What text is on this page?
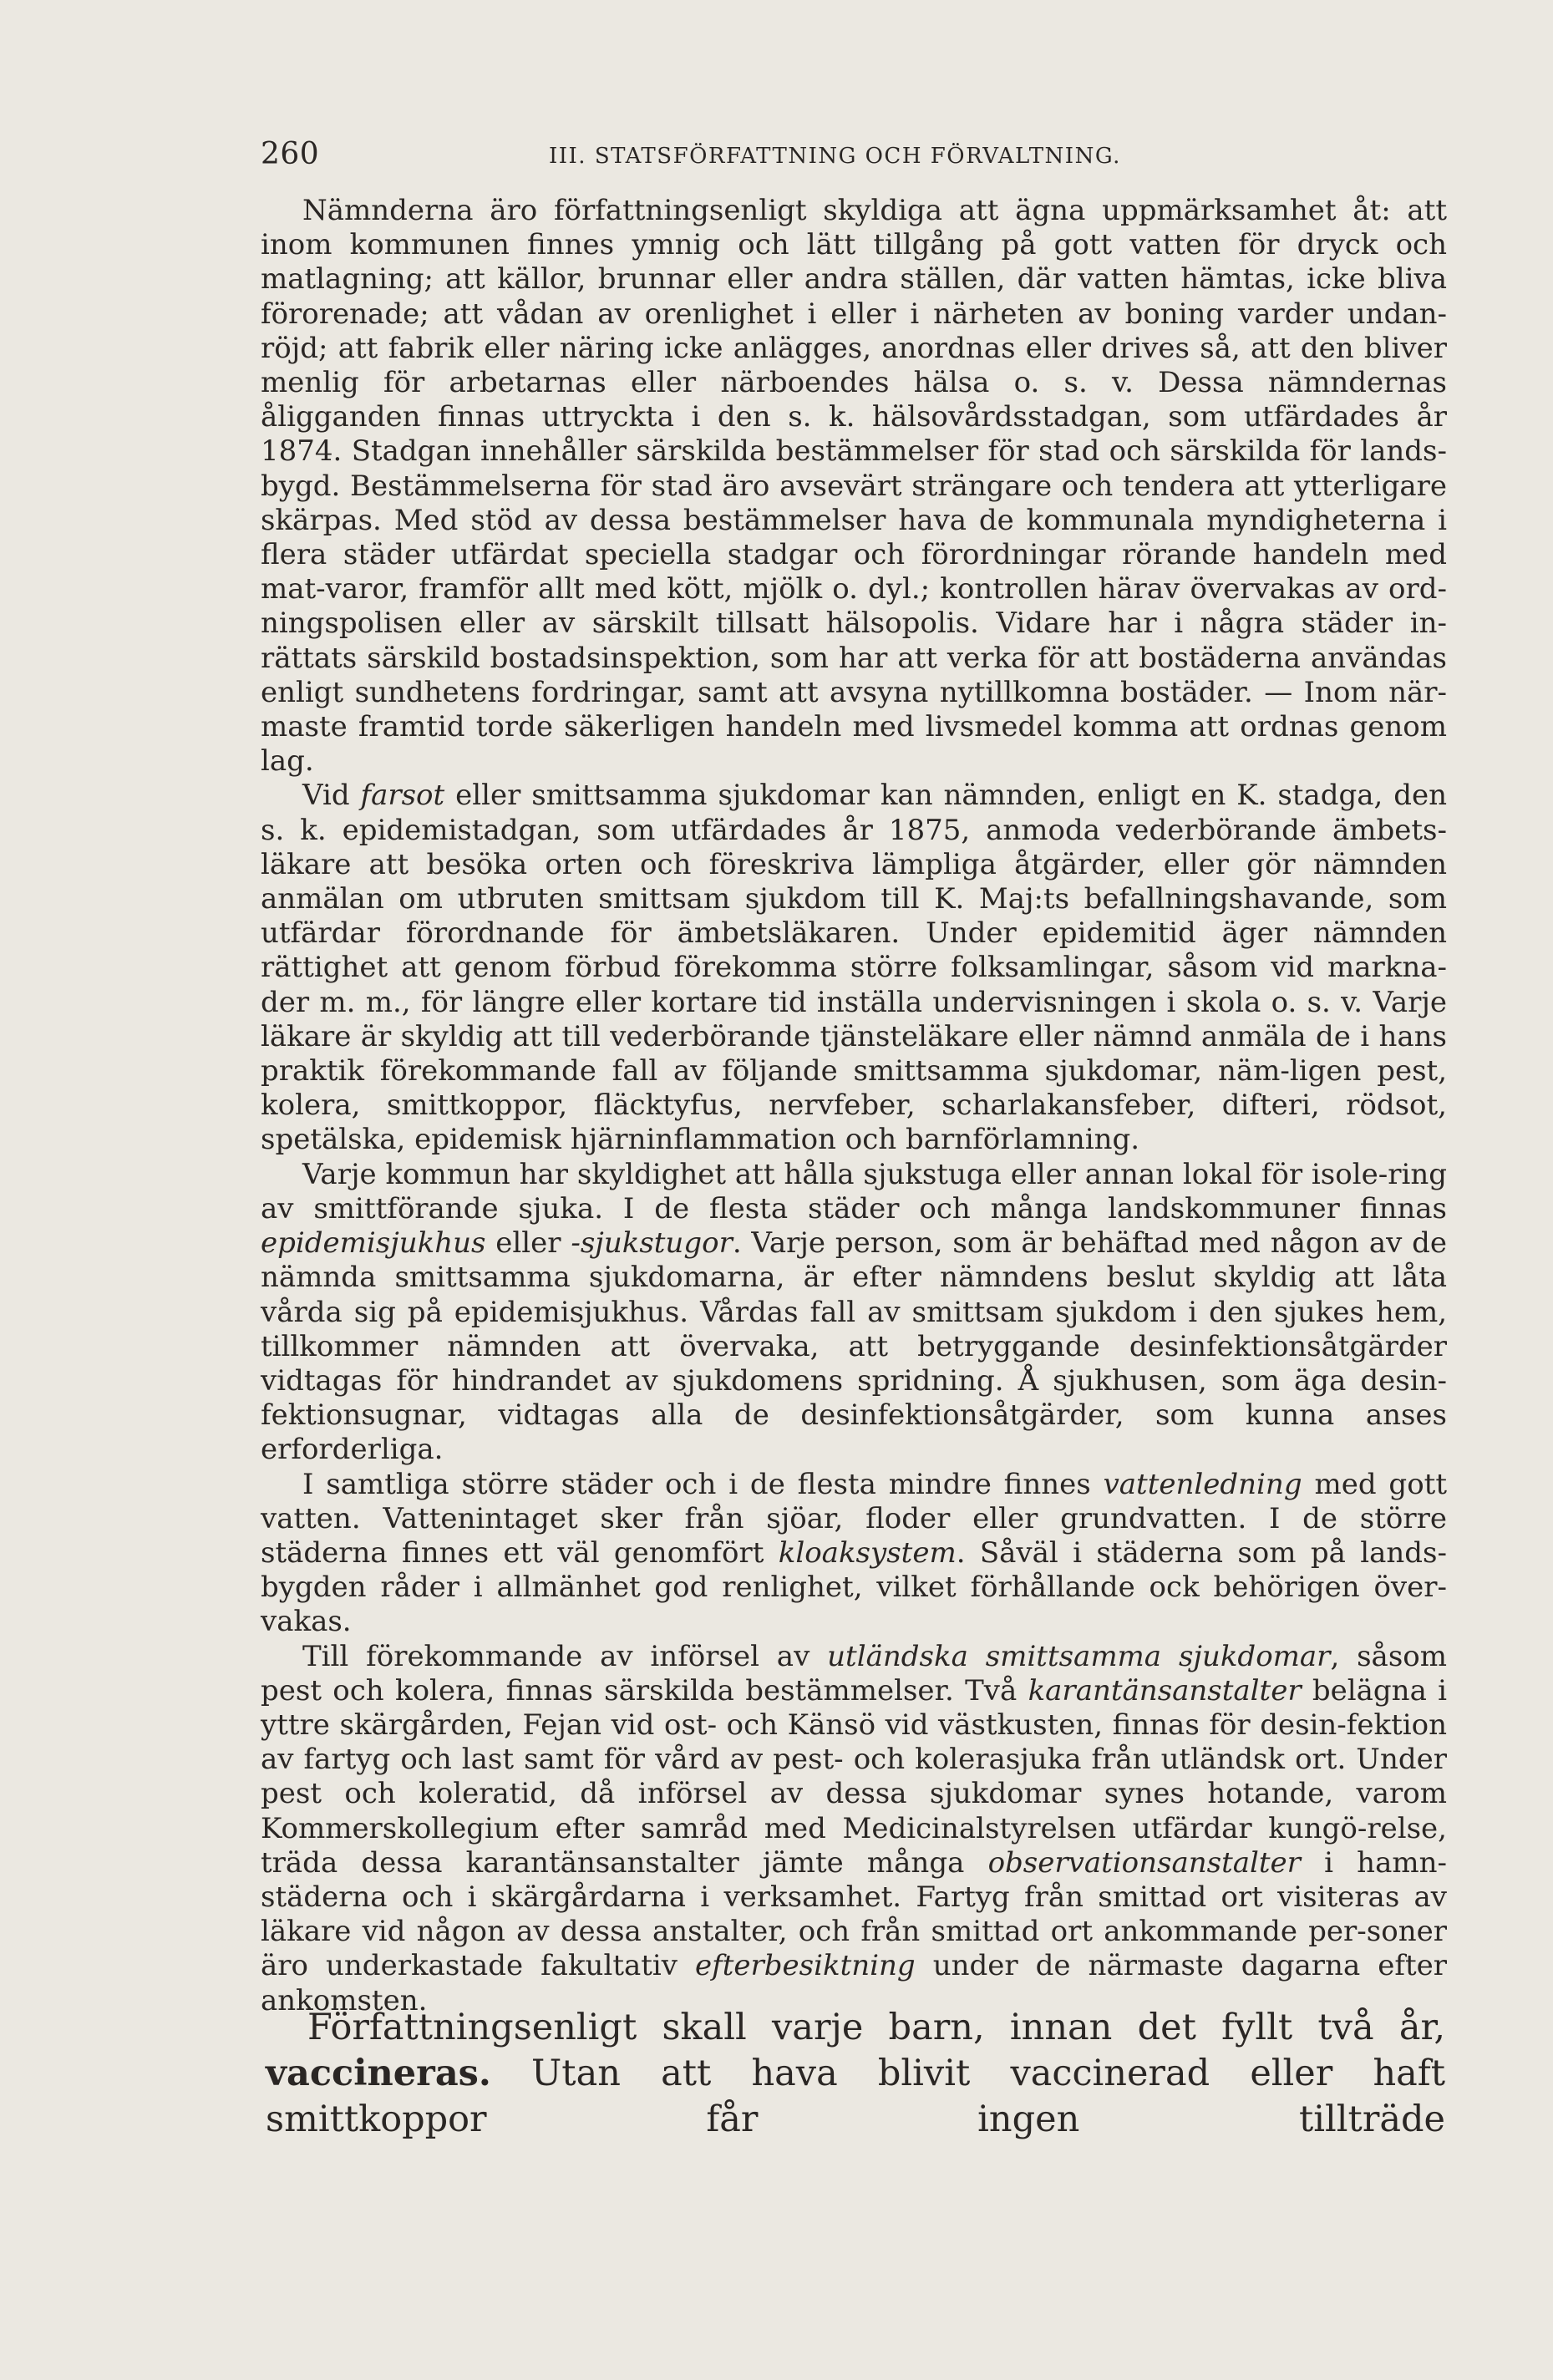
260	III. STATSFÖRFATTNING OCH FÖRVALTNING.

Nämnderna äro författningsenligt skyldiga att ägna uppmärksamhet åt: att inom kommunen finnes ymnig och lätt tillgång på gott vatten för dryck och matlagning; att källor, brunnar eller andra ställen, där vatten hämtas, icke bliva förorenade; att vådan av orenlighet i eller i närheten av boning varder undan-röjd; att fabrik eller näring icke anlägges, anordnas eller drives så, att den bliver menlig för arbetarnas eller närboendes hälsa o. s. v. Dessa nämndernas åligganden finnas uttryckta i den s. k. hälsovårdsstadgan, som utfärdades år 1874. Stadgan innehåller särskilda bestämmelser för stad och särskilda för lands-bygd. Bestämmelserna för stad äro avsevärt strängare och tendera att ytterligare skärpas. Med stöd av dessa bestämmelser hava de kommunala myndigheterna i flera städer utfärdat speciella stadgar och förordningar rörande handeln med mat-varor, framför allt med kött, mjölk o. dyl.; kontrollen härav övervakas av ord-ningspolisen eller av särskilt tillsatt hälsopolis. Vidare har i några städer in-rättats särskild bostadsinspektion, som har att verka för att bostäderna användas enligt sundhetens fordringar, samt att avsyna nytillkomna bostäder. — Inom när-maste framtid torde säkerligen handeln med livsmedel komma att ordnas genom lag.

Vid farsot eller smittsamma sjukdomar kan nämnden, enligt en K. stadga, den s. k. epidemistadgan, som utfärdades år 1875, anmoda vederbörande ämbets-läkare att besöka orten och föreskriva lämpliga åtgärder, eller gör nämnden anmälan om utbruten smittsam sjukdom till K. Maj:ts befallningshavande, som utfärdar förordnande för ämbetsläkaren. Under epidemitid äger nämnden rättighet att genom förbud förekomma större folksamlingar, såsom vid markna-der m. m., för längre eller kortare tid inställa undervisningen i skola o. s. v. Varje läkare är skyldig att till vederbörande tjänsteläkare eller nämnd anmäla de i hans praktik förekommande fall av följande smittsamma sjukdomar, näm-ligen pest, kolera, smittkoppor, fläcktyfus, nervfeber, scharlakansfeber, difteri, rödsot, spetälska, epidemisk hjärninflammation och barnförlamning.

Varje kommun har skyldighet att hålla sjukstuga eller annan lokal för isole-ring av smittförande sjuka. I de flesta städer och många landskommuner finnas epidemisjukhus eller -sjukstugor. Varje person, som är behäftad med någon av de nämnda smittsamma sjukdomarna, är efter nämndens beslut skyldig att låta vårda sig på epidemisjukhus. Vårdas fall av smittsam sjukdom i den sjukes hem, tillkommer nämnden att övervaka, att betryggande desinfektionsåtgärder vidtagas för hindrandet av sjukdomens spridning. Å sjukhusen, som äga desin-fektionsugnar, vidtagas alla de desinfektionsåtgärder, som kunna anses erforderliga.

I samtliga större städer och i de flesta mindre finnes vattenledning med gott vatten. Vattenintaget sker från sjöar, floder eller grundvatten. I de större städerna finnes ett väl genomfört kloaksystem. Såväl i städerna som på lands-bygden råder i allmänhet god renlighet, vilket förhållande ock behörigen över-vakas.

Till förekommande av införsel av utländska smittsamma sjukdomar, såsom pest och kolera, finnas särskilda bestämmelser. Två karantänsanstalter belägna i yttre skärgården, Fejan vid ost- och Känsö vid västkusten, finnas för desin-fektion av fartyg och last samt för vård av pest- och kolerasjuka från utländsk ort. Under pest och koleratid, då införsel av dessa sjukdomar synes hotande, varom Kommerskollegium efter samråd med Medicinalstyrelsen utfärdar kungö-relse, träda dessa karantänsanstalter jämte många observationsanstalter i hamn-städerna och i skärgårdarna i verksamhet. Fartyg från smittad ort visiteras av läkare vid någon av dessa anstalter, och från smittad ort ankommande per-soner äro underkastade fakultativ efterbesiktning under de närmaste dagarna efter ankomsten.

Författningsenligt skall varje barn, innan det fyllt två år, vaccineras. Utan att hava blivit vaccinerad eller haft smittkoppor får ingen tillträde
